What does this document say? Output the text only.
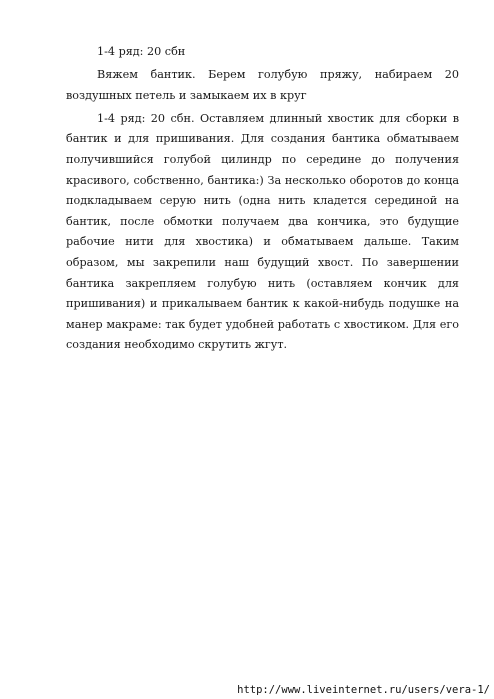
1-4 ряд: 20 сбн

Вяжем бантик. Берем голубую пряжу, набираем 20 воздушных петель и замыкаем их в круг

1-4 ряд: 20 сбн. Оставляем длинный хвостик для сборки в бантик и для пришивания. Для создания бантика обматываем получившийся голубой цилиндр по середине до получения красивого, собственно, бантика:) За несколько оборотов до конца подкладываем серую нить (одна нить кладется серединой на бантик, после обмотки получаем два кончика, это будущие рабочие нити для хвостика) и обматываем дальше. Таким образом, мы закрепили наш будущий хвост. По завершении бантика закрепляем голубую нить (оставляем кончик для пришивания) и прикалываем бантик к какой-нибудь подушке на манер макраме: так будет удобней работать с хвостиком. Для его создания необходимо скрутить жгут.

http://www.liveinternet.ru/users/vera-1/
